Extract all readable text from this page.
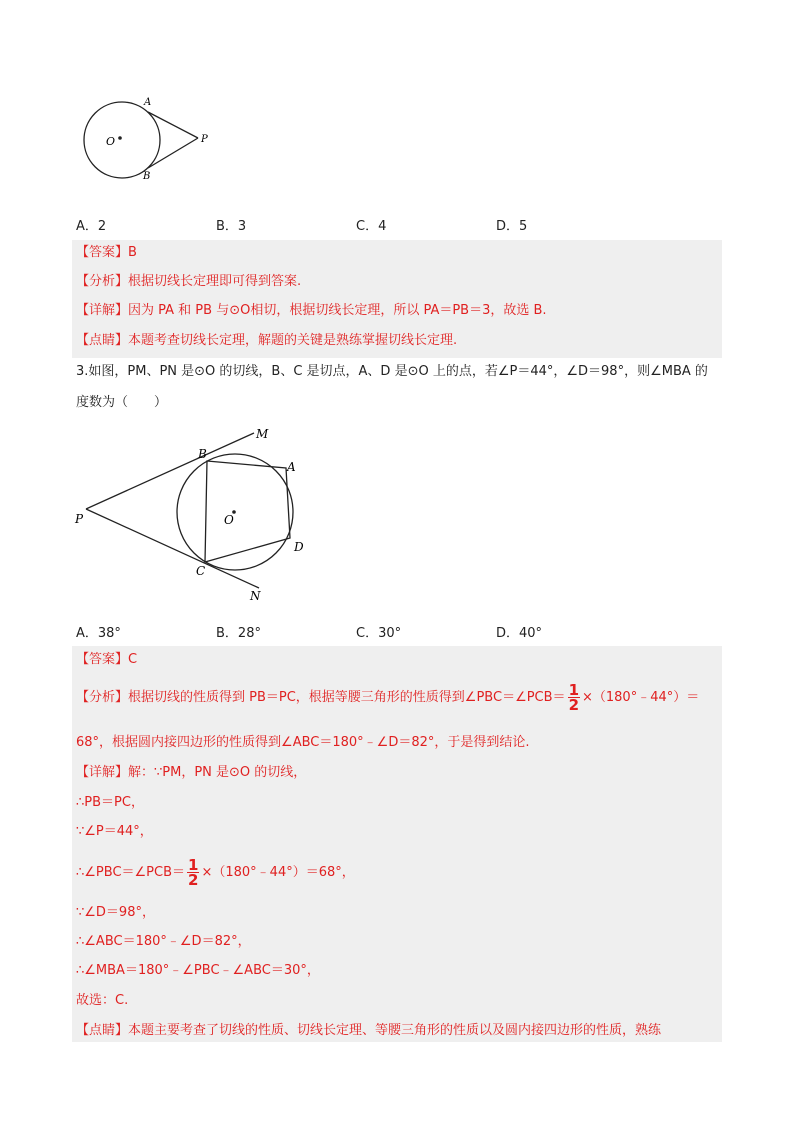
A
B
O	P
A．2	B．3	C．4	D．5
【答案】B
【分析】根据切线长定理即可得到答案.
【详解】因为 PA 和 PB 与⊙O相切，根据切线长定理，所以 PA＝PB＝3，故选 B.
【点睛】本题考查切线长定理，解题的关键是熟练掌握切线长定理.
3.如图，PM、PN 是⊙O 的切线，B、C 是切点，A、D 是⊙O 上的点，若∠P＝44°，∠D＝98°，则∠MBA 的
度数为（　　）
B
M
A
P	O
D
C
N
A．38°	B．28°	C．30°	D．40°
【答案】C
【分析】根据切线的性质得到 PB＝PC，根据等腰三角形的性质得到∠PBC＝∠PCB＝ $\frac{1}{2}$ ×（180°﹣44°）＝
68°，根据圆内接四边形的性质得到∠ABC＝180°﹣∠D＝82°，于是得到结论.
【详解】解：∵PM，PN 是⊙O 的切线，
∴PB＝PC，
∵∠P＝44°，
∴∠PBC＝∠PCB＝ $\frac{1}{2}$ ×（180°﹣44°）＝68°，
∵∠D＝98°，
∴∠ABC＝180°﹣∠D＝82°，
∴∠MBA＝180°﹣∠PBC﹣∠ABC＝30°，
故选：C.
【点睛】本题主要考查了切线的性质、切线长定理、等腰三角形的性质以及圆内接四边形的性质，熟练
